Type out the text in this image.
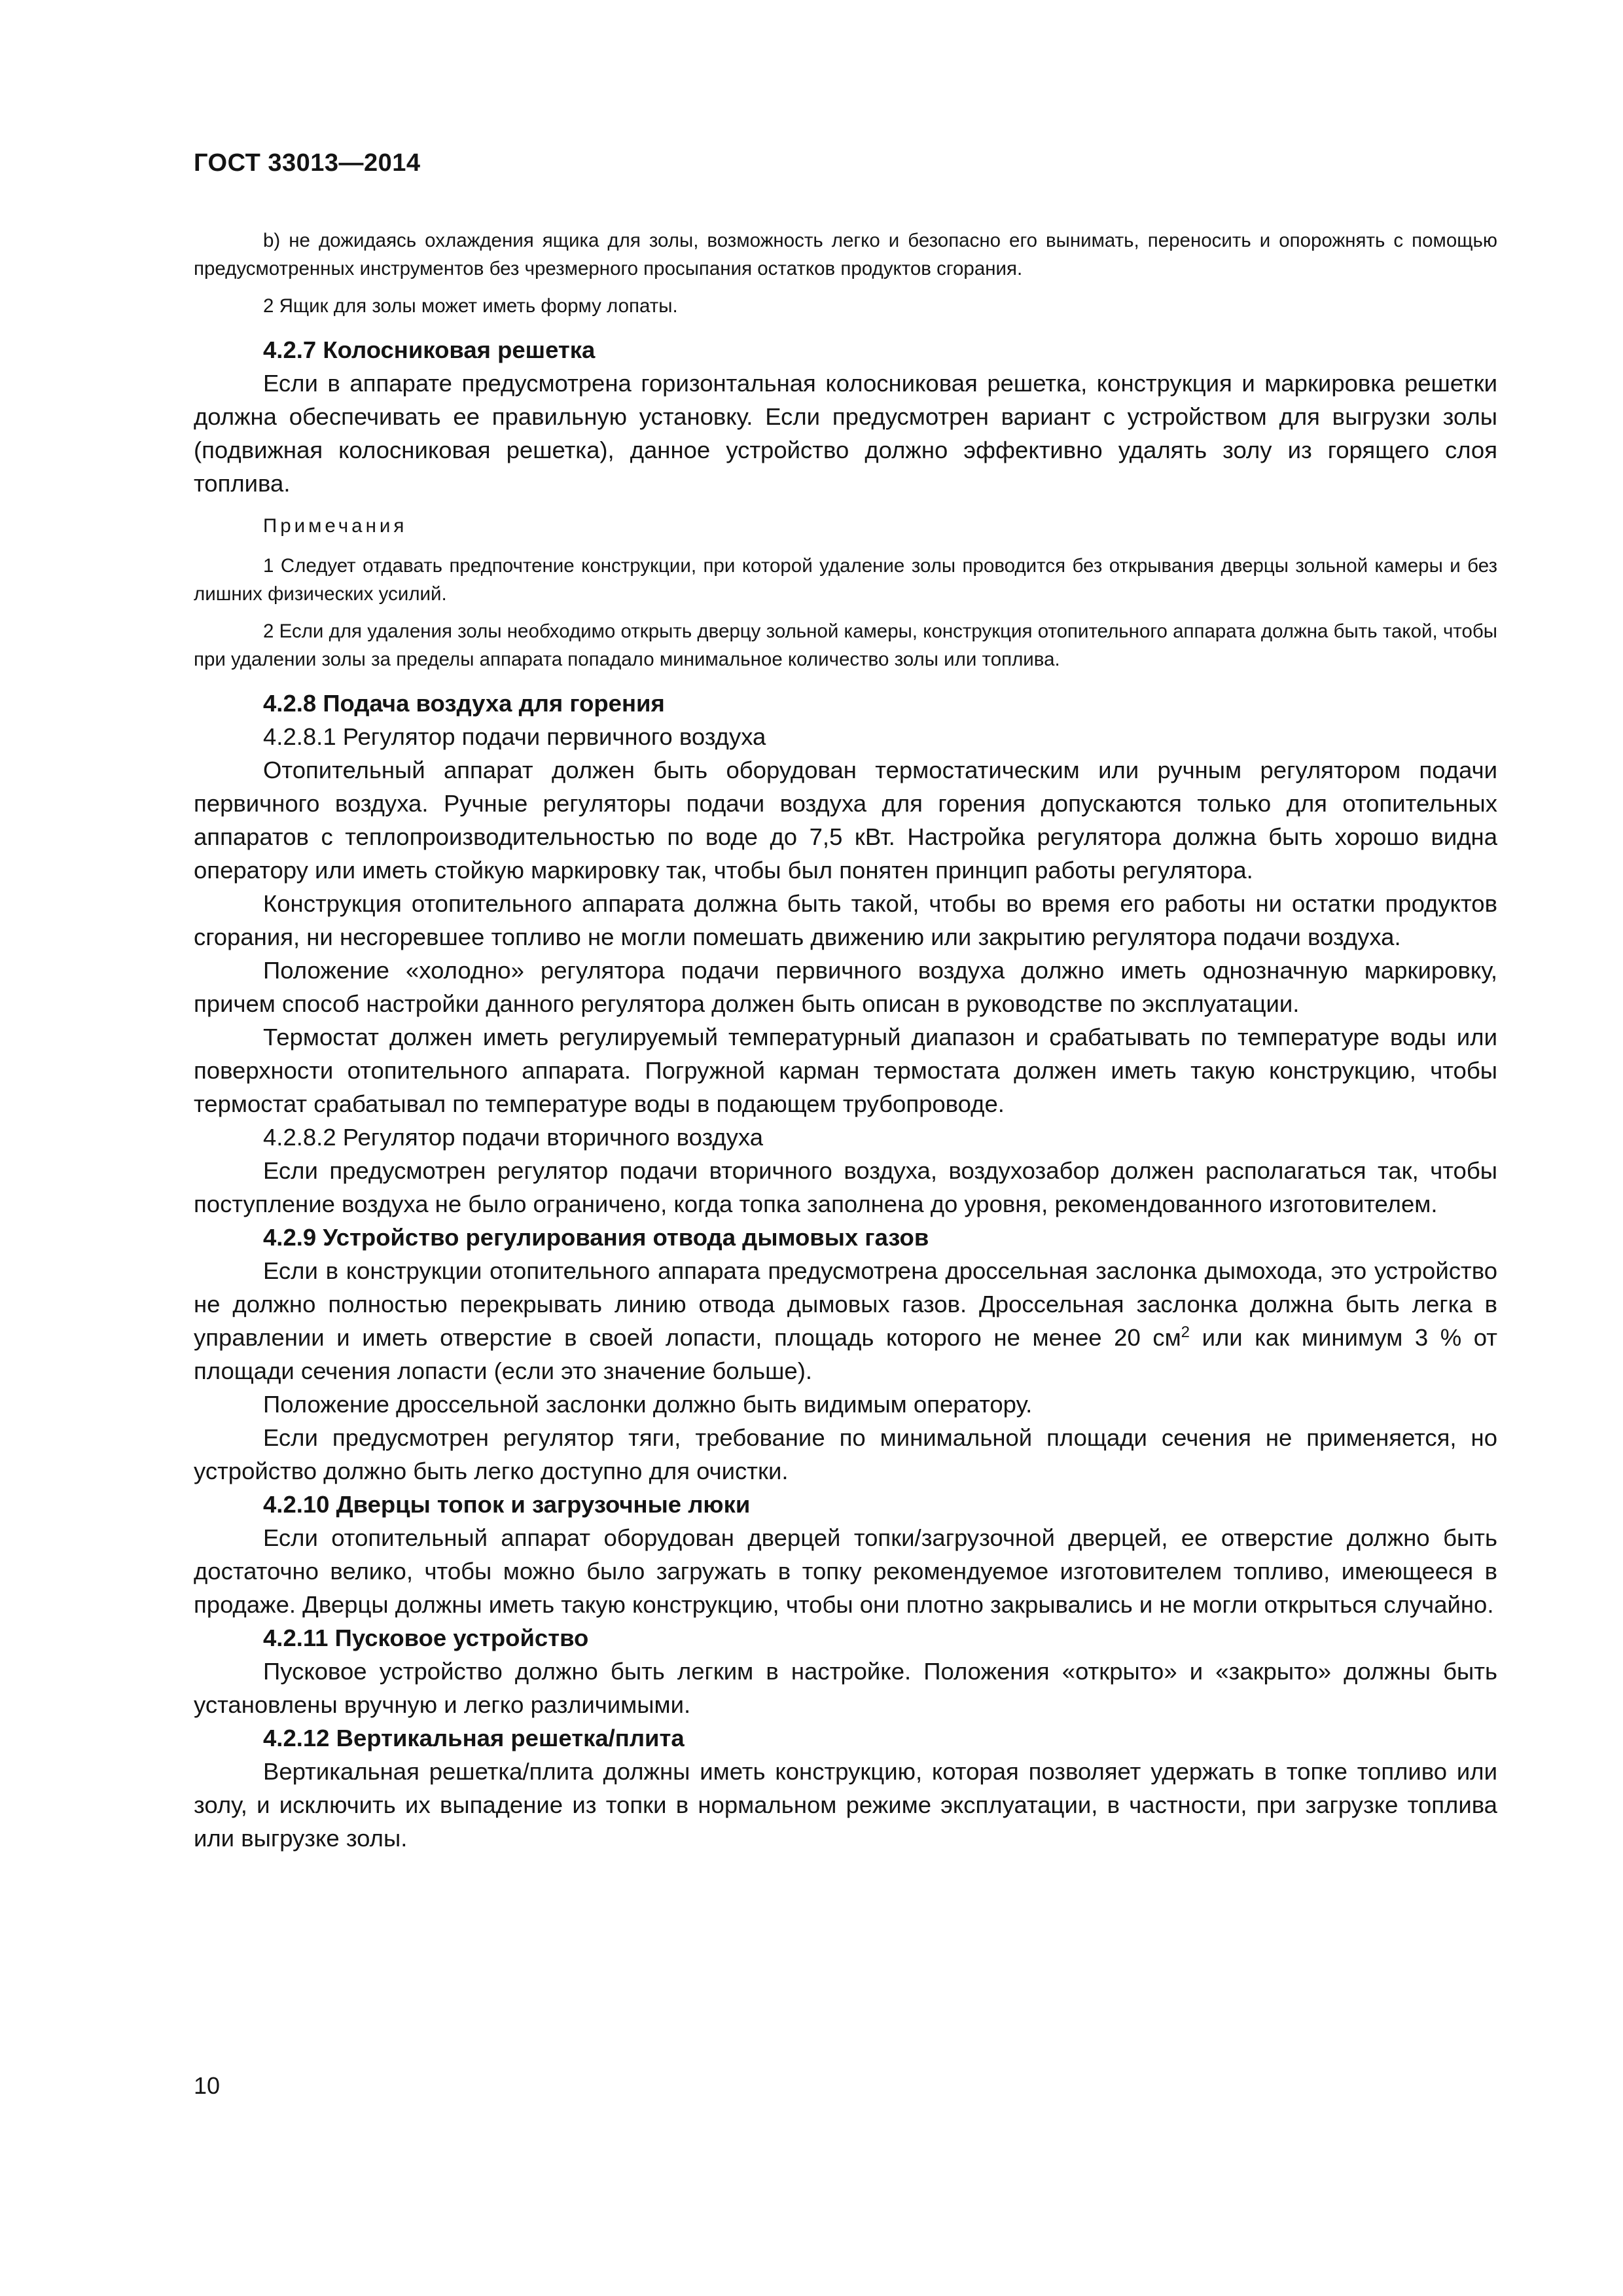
ГОСТ 33013—2014

b) не дожидаясь охлаждения ящика для золы, возможность легко и безопасно его вынимать, переносить и опорожнять с помощью предусмотренных инструментов без чрезмерного просыпания остатков продуктов сгорания.

2 Ящик для золы может иметь форму лопаты.

4.2.7 Колосниковая решетка

Если в аппарате предусмотрена горизонтальная колосниковая решетка, конструкция и маркировка решетки должна обеспечивать ее правильную установку. Если предусмотрен вариант с устройством для выгрузки золы (подвижная колосниковая решетка), данное устройство должно эффективно удалять золу из горящего слоя топлива.

Примечания

1 Следует отдавать предпочтение конструкции, при которой удаление золы проводится без открывания дверцы зольной камеры и без лишних физических усилий.

2 Если для удаления золы необходимо открыть дверцу зольной камеры, конструкция отопительного аппарата должна быть такой, чтобы при удалении золы за пределы аппарата попадало минимальное количество золы или топлива.

4.2.8 Подача воздуха для горения

4.2.8.1 Регулятор подачи первичного воздуха

Отопительный аппарат должен быть оборудован термостатическим или ручным регулятором подачи первичного воздуха. Ручные регуляторы подачи воздуха для горения допускаются только для отопительных аппаратов с теплопроизводительностью по воде до 7,5 кВт. Настройка регулятора должна быть хорошо видна оператору или иметь стойкую маркировку так, чтобы был понятен принцип работы регулятора.

Конструкция отопительного аппарата должна быть такой, чтобы во время его работы ни остатки продуктов сгорания, ни несгоревшее топливо не могли помешать движению или закрытию регулятора подачи воздуха.

Положение «холодно» регулятора подачи первичного воздуха должно иметь однозначную маркировку, причем способ настройки данного регулятора должен быть описан в руководстве по эксплуатации.

Термостат должен иметь регулируемый температурный диапазон и срабатывать по температуре воды или поверхности отопительного аппарата. Погружной карман термостата должен иметь такую конструкцию, чтобы термостат срабатывал по температуре воды в подающем трубопроводе.

4.2.8.2 Регулятор подачи вторичного воздуха

Если предусмотрен регулятор подачи вторичного воздуха, воздухозабор должен располагаться так, чтобы поступление воздуха не было ограничено, когда топка заполнена до уровня, рекомендованного изготовителем.

4.2.9 Устройство регулирования отвода дымовых газов

Если в конструкции отопительного аппарата предусмотрена дроссельная заслонка дымохода, это устройство не должно полностью перекрывать линию отвода дымовых газов. Дроссельная заслонка должна быть легка в управлении и иметь отверстие в своей лопасти, площадь которого не менее 20 $см^2$ или как минимум 3 % от площади сечения лопасти (если это значение больше).

Положение дроссельной заслонки должно быть видимым оператору.

Если предусмотрен регулятор тяги, требование по минимальной площади сечения не применяется, но устройство должно быть легко доступно для очистки.

4.2.10 Дверцы топок и загрузочные люки

Если отопительный аппарат оборудован дверцей топки/загрузочной дверцей, ее отверстие должно быть достаточно велико, чтобы можно было загружать в топку рекомендуемое изготовителем топливо, имеющееся в продаже. Дверцы должны иметь такую конструкцию, чтобы они плотно закрывались и не могли открыться случайно.

4.2.11 Пусковое устройство

Пусковое устройство должно быть легким в настройке. Положения «открыто» и «закрыто» должны быть установлены вручную и легко различимыми.

4.2.12 Вертикальная решетка/плита

Вертикальная решетка/плита должны иметь конструкцию, которая позволяет удержать в топке топливо или золу, и исключить их выпадение из топки в нормальном режиме эксплуатации, в частности, при загрузке топлива или выгрузке золы.

10
